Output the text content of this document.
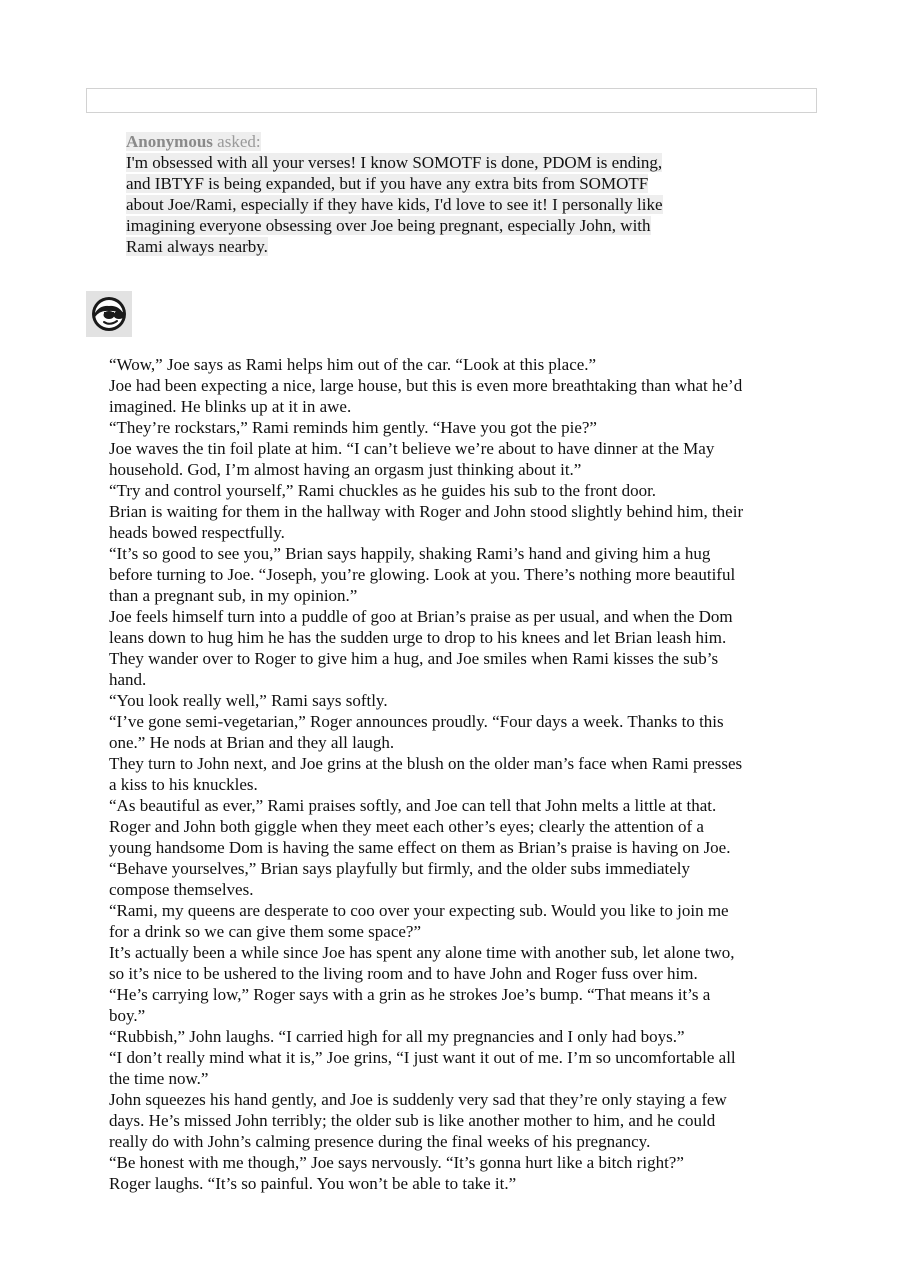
Anonymous asked:
I'm obsessed with all your verses! I know SOMOTF is done, PDOM is ending,
and IBTYF is being expanded, but if you have any extra bits from SOMOTF
about Joe/Rami, especially if they have kids, I'd love to see it! I personally like
imagining everyone obsessing over Joe being pregnant, especially John, with
Rami always nearby.

“Wow,” Joe says as Rami helps him out of the car. “Look at this place.”

Joe had been expecting a nice, large house, but this is even more breathtaking than what he’d

imagined. He blinks up at it in awe.

“They’re rockstars,” Rami reminds him gently. “Have you got the pie?”

Joe waves the tin foil plate at him. “I can’t believe we’re about to have dinner at the May

household. God, I’m almost having an orgasm just thinking about it.”

“Try and control yourself,” Rami chuckles as he guides his sub to the front door.

Brian is waiting for them in the hallway with Roger and John stood slightly behind him, their

heads bowed respectfully.

“It’s so good to see you,” Brian says happily, shaking Rami’s hand and giving him a hug

before turning to Joe. “Joseph, you’re glowing. Look at you. There’s nothing more beautiful

than a pregnant sub, in my opinion.”

Joe feels himself turn into a puddle of goo at Brian’s praise as per usual, and when the Dom

leans down to hug him he has the sudden urge to drop to his knees and let Brian leash him.

They wander over to Roger to give him a hug, and Joe smiles when Rami kisses the sub’s

hand.

“You look really well,” Rami says softly.

“I’ve gone semi-vegetarian,” Roger announces proudly. “Four days a week. Thanks to this

one.” He nods at Brian and they all laugh.

They turn to John next, and Joe grins at the blush on the older man’s face when Rami presses

a kiss to his knuckles.

“As beautiful as ever,” Rami praises softly, and Joe can tell that John melts a little at that.

Roger and John both giggle when they meet each other’s eyes; clearly the attention of a

young handsome Dom is having the same effect on them as Brian’s praise is having on Joe.

“Behave yourselves,” Brian says playfully but firmly, and the older subs immediately

compose themselves.

“Rami, my queens are desperate to coo over your expecting sub. Would you like to join me

for a drink so we can give them some space?”

It’s actually been a while since Joe has spent any alone time with another sub, let alone two,

so it’s nice to be ushered to the living room and to have John and Roger fuss over him.

“He’s carrying low,” Roger says with a grin as he strokes Joe’s bump. “That means it’s a

boy.”

“Rubbish,” John laughs. “I carried high for all my pregnancies and I only had boys.”

“I don’t really mind what it is,” Joe grins, “I just want it out of me. I’m so uncomfortable all

the time now.”

John squeezes his hand gently, and Joe is suddenly very sad that they’re only staying a few

days. He’s missed John terribly; the older sub is like another mother to him, and he could

really do with John’s calming presence during the final weeks of his pregnancy.

“Be honest with me though,” Joe says nervously. “It’s gonna hurt like a bitch right?”

Roger laughs. “It’s so painful. You won’t be able to take it.”
